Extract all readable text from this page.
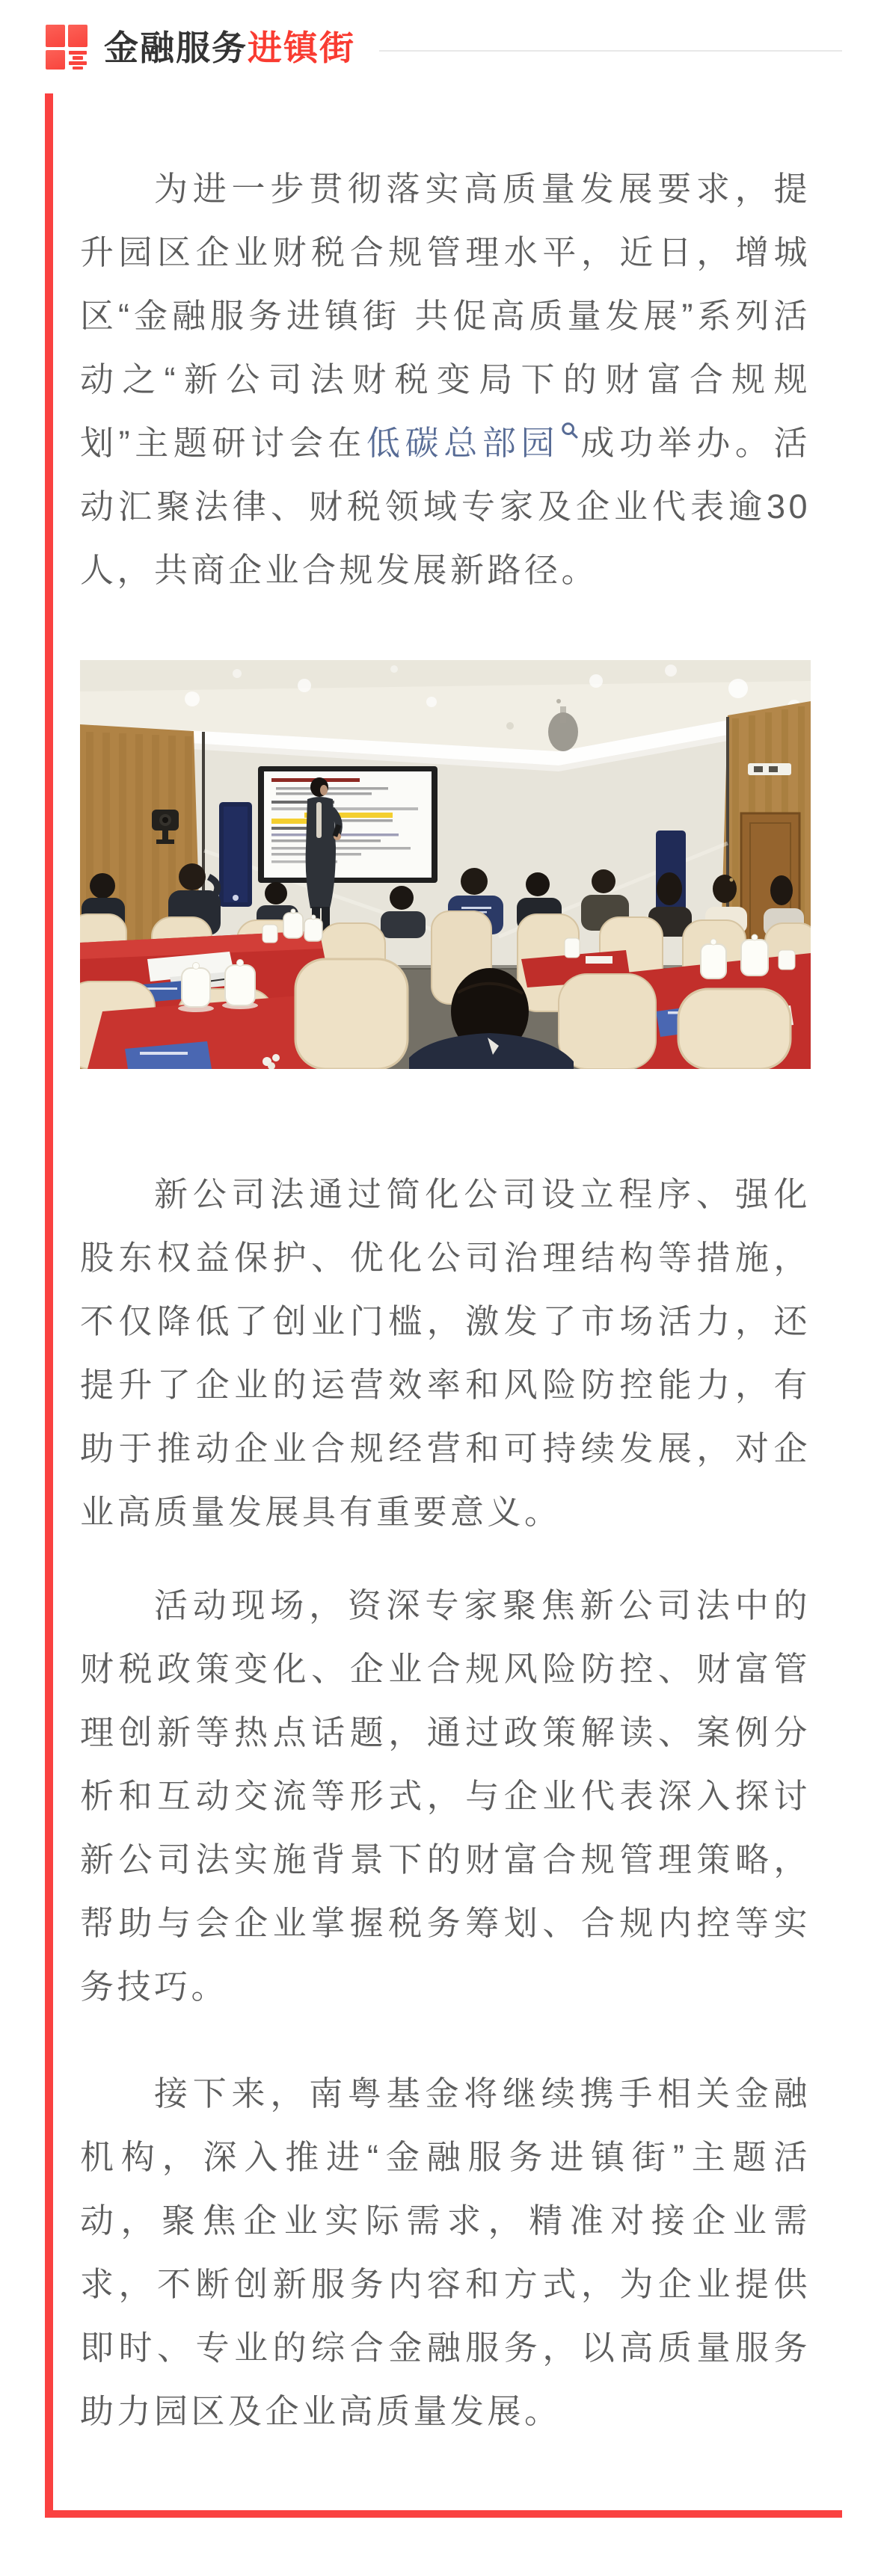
金融服务进镇街

为进一步贯彻落实高质量发展要求，提升园区企业财税合规管理水平，近日，增城区“金融服务进镇街 共促高质量发展”系列活动之“新公司法财税变局下的财富合规规划”主题研讨会在低碳总部园 成功举办。活动汇聚法律、财税领域专家及企业代表逾30人，共商企业合规发展新路径。

新公司法通过简化公司设立程序、强化股东权益保护、优化公司治理结构等措施，不仅降低了创业门槛，激发了市场活力，还提升了企业的运营效率和风险防控能力，有助于推动企业合规经营和可持续发展，对企业高质量发展具有重要意义。

活动现场，资深专家聚焦新公司法中的财税政策变化、企业合规风险防控、财富管理创新等热点话题，通过政策解读、案例分析和互动交流等形式，与企业代表深入探讨新公司法实施背景下的财富合规管理策略，帮助与会企业掌握税务筹划、合规内控等实务技巧。

接下来，南粤基金将继续携手相关金融机构，深入推进“金融服务进镇街”主题活动，聚焦企业实际需求，精准对接企业需求，不断创新服务内容和方式，为企业提供即时、专业的综合金融服务，以高质量服务助力园区及企业高质量发展。
